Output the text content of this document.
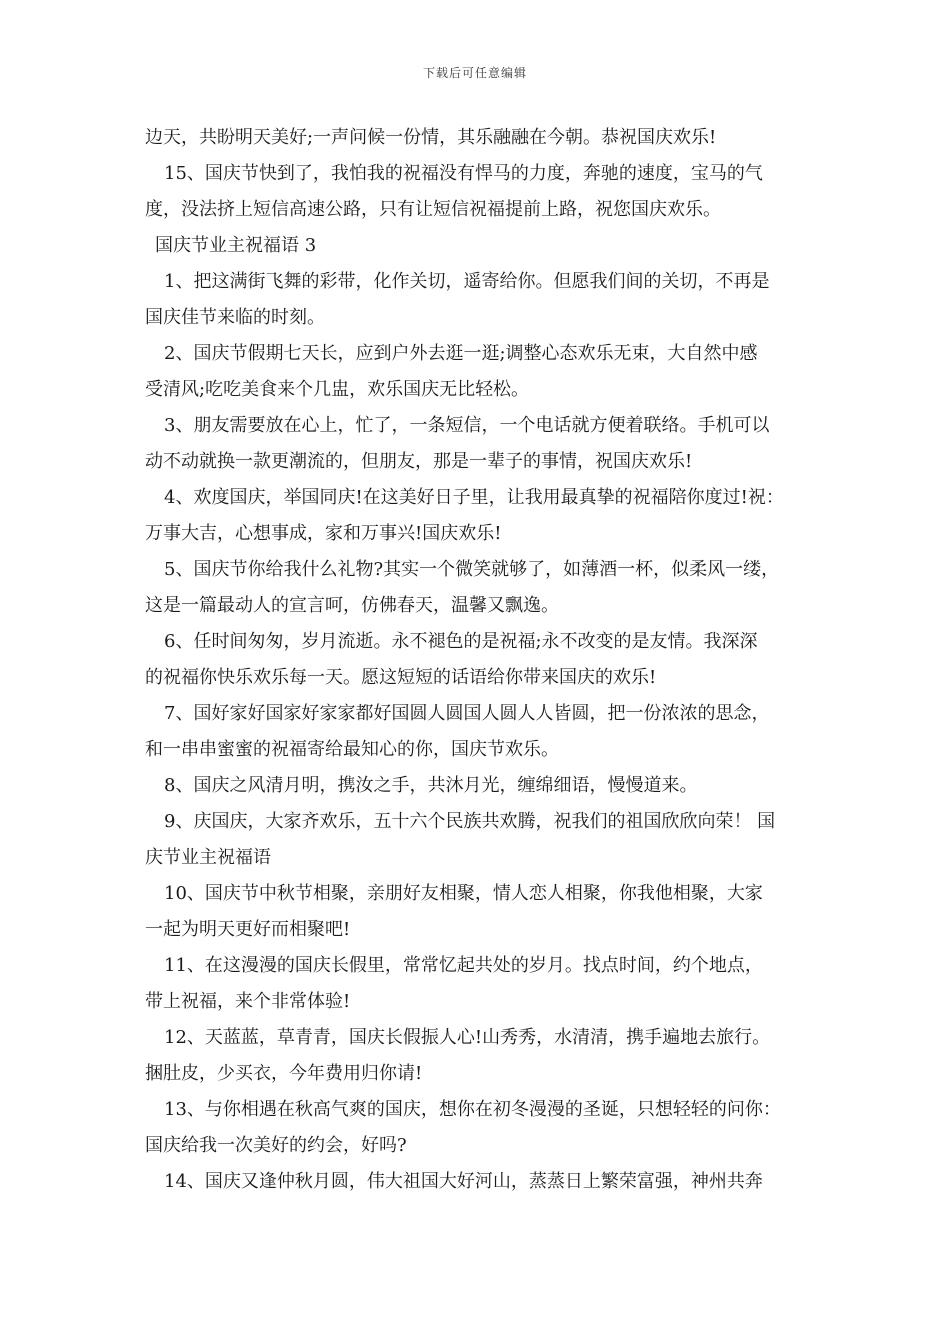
下载后可任意编辑
边天，共盼明天美好;一声问候一份情，其乐融融在今朝。恭祝国庆欢乐!
15、国庆节快到了，我怕我的祝福没有悍马的力度，奔驰的速度，宝马的气
度，没法挤上短信高速公路，只有让短信祝福提前上路，祝您国庆欢乐。
国庆节业主祝福语 3
1、把这满街飞舞的彩带，化作关切，遥寄给你。但愿我们间的关切，不再是
国庆佳节来临的时刻。
2、国庆节假期七天长，应到户外去逛一逛;调整心态欢乐无束，大自然中感
受清风;吃吃美食来个几盅，欢乐国庆无比轻松。
3、朋友需要放在心上，忙了，一条短信，一个电话就方便着联络。手机可以
动不动就换一款更潮流的，但朋友，那是一辈子的事情，祝国庆欢乐!
4、欢度国庆，举国同庆!在这美好日子里，让我用最真挚的祝福陪你度过!祝：
万事大吉，心想事成，家和万事兴!国庆欢乐!
5、国庆节你给我什么礼物?其实一个微笑就够了，如薄酒一杯，似柔风一缕，
这是一篇最动人的宣言呵，仿佛春天，温馨又飘逸。
6、任时间匆匆，岁月流逝。永不褪色的是祝福;永不改变的是友情。我深深
的祝福你快乐欢乐每一天。愿这短短的话语给你带来国庆的欢乐!
7、国好家好国家好家家都好国圆人圆国人圆人人皆圆，把一份浓浓的思念，
和一串串蜜蜜的祝福寄给最知心的你，国庆节欢乐。
8、国庆之风清月明，携汝之手，共沐月光，缠绵细语，慢慢道来。
9、庆国庆，大家齐欢乐，五十六个民族共欢腾，祝我们的祖国欣欣向荣！ 国
庆节业主祝福语
10、国庆节中秋节相聚，亲朋好友相聚，情人恋人相聚，你我他相聚，大家
一起为明天更好而相聚吧!
11、在这漫漫的国庆长假里，常常忆起共处的岁月。找点时间，约个地点，
带上祝福，来个非常体验!
12、天蓝蓝，草青青，国庆长假振人心!山秀秀，水清清，携手遍地去旅行。
捆肚皮，少买衣，今年费用归你请!
13、与你相遇在秋高气爽的国庆，想你在初冬漫漫的圣诞，只想轻轻的问你：
国庆给我一次美好的约会，好吗?
14、国庆又逢仲秋月圆，伟大祖国大好河山，蒸蒸日上繁荣富强，神州共奔
